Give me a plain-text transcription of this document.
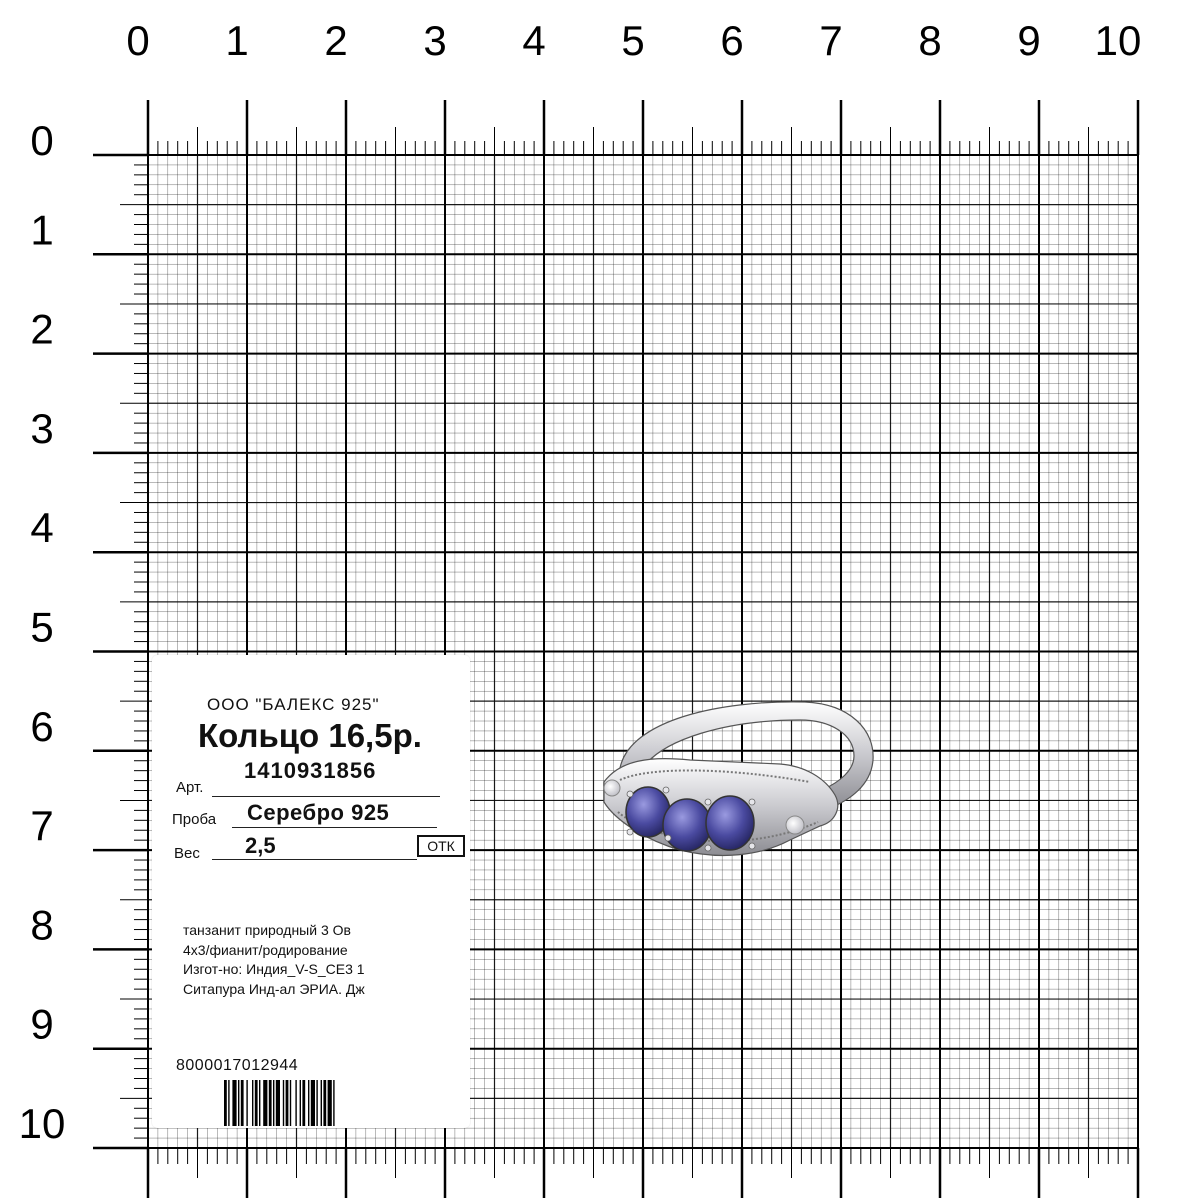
0 1 2 3 4 5 6 7 8 9 10
0
1
2
3
4
5
6
7
8
9
10
ООО "БАЛЕКС 925"
Кольцо 16,5р.
Арт.
1410931856
Проба Серебро 925
Вес 2,5	ОТК
танзанит природный 3 Ов
4х3/фианит/родирование
Изгот-но: Индия_V-S_CE3 1
Ситапура Инд-ал ЭРИА. Дж
8000017012944
